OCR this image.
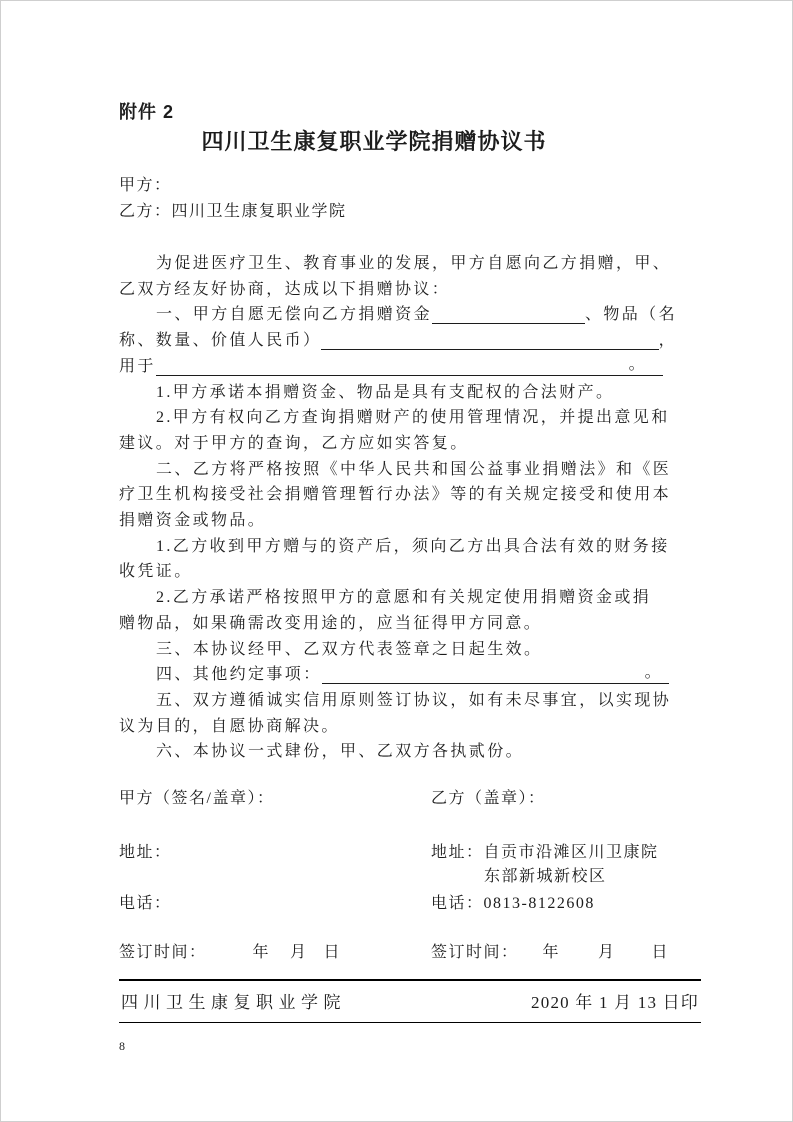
附件 2
四川卫生康复职业学院捐赠协议书
甲方：
乙方：四川卫生康复职业学院
为促进医疗卫生、教育事业的发展，甲方自愿向乙方捐赠，甲、
乙双方经友好协商，达成以下捐赠协议：
一、甲方自愿无偿向乙方捐赠资金	、物品（名
称、数量、价值人民币）	，
用于	。
1.甲方承诺本捐赠资金、物品是具有支配权的合法财产。
2.甲方有权向乙方查询捐赠财产的使用管理情况，并提出意见和
建议。对于甲方的查询，乙方应如实答复。
二、乙方将严格按照《中华人民共和国公益事业捐赠法》和《医
疗卫生机构接受社会捐赠管理暂行办法》等的有关规定接受和使用本
捐赠资金或物品。
1.乙方收到甲方赠与的资产后，须向乙方出具合法有效的财务接
收凭证。
2.乙方承诺严格按照甲方的意愿和有关规定使用捐赠资金或捐
赠物品，如果确需改变用途的，应当征得甲方同意。
三、本协议经甲、乙双方代表签章之日起生效。
四、其他约定事项：	。
五、双方遵循诚实信用原则签订协议，如有未尽事宜，以实现协
议为目的，自愿协商解决。
六、本协议一式肆份，甲、乙双方各执贰份。
甲方（签名/盖章）：	乙方（盖章）：
地址：	地址：自贡市沿滩区川卫康院
东部新城新校区
电话：	电话：0813-8122608
签订时间：	年 月 日	签订时间： 年 月 日
四川卫生康复职业学院	2020 年 1 月 13 日印
8
